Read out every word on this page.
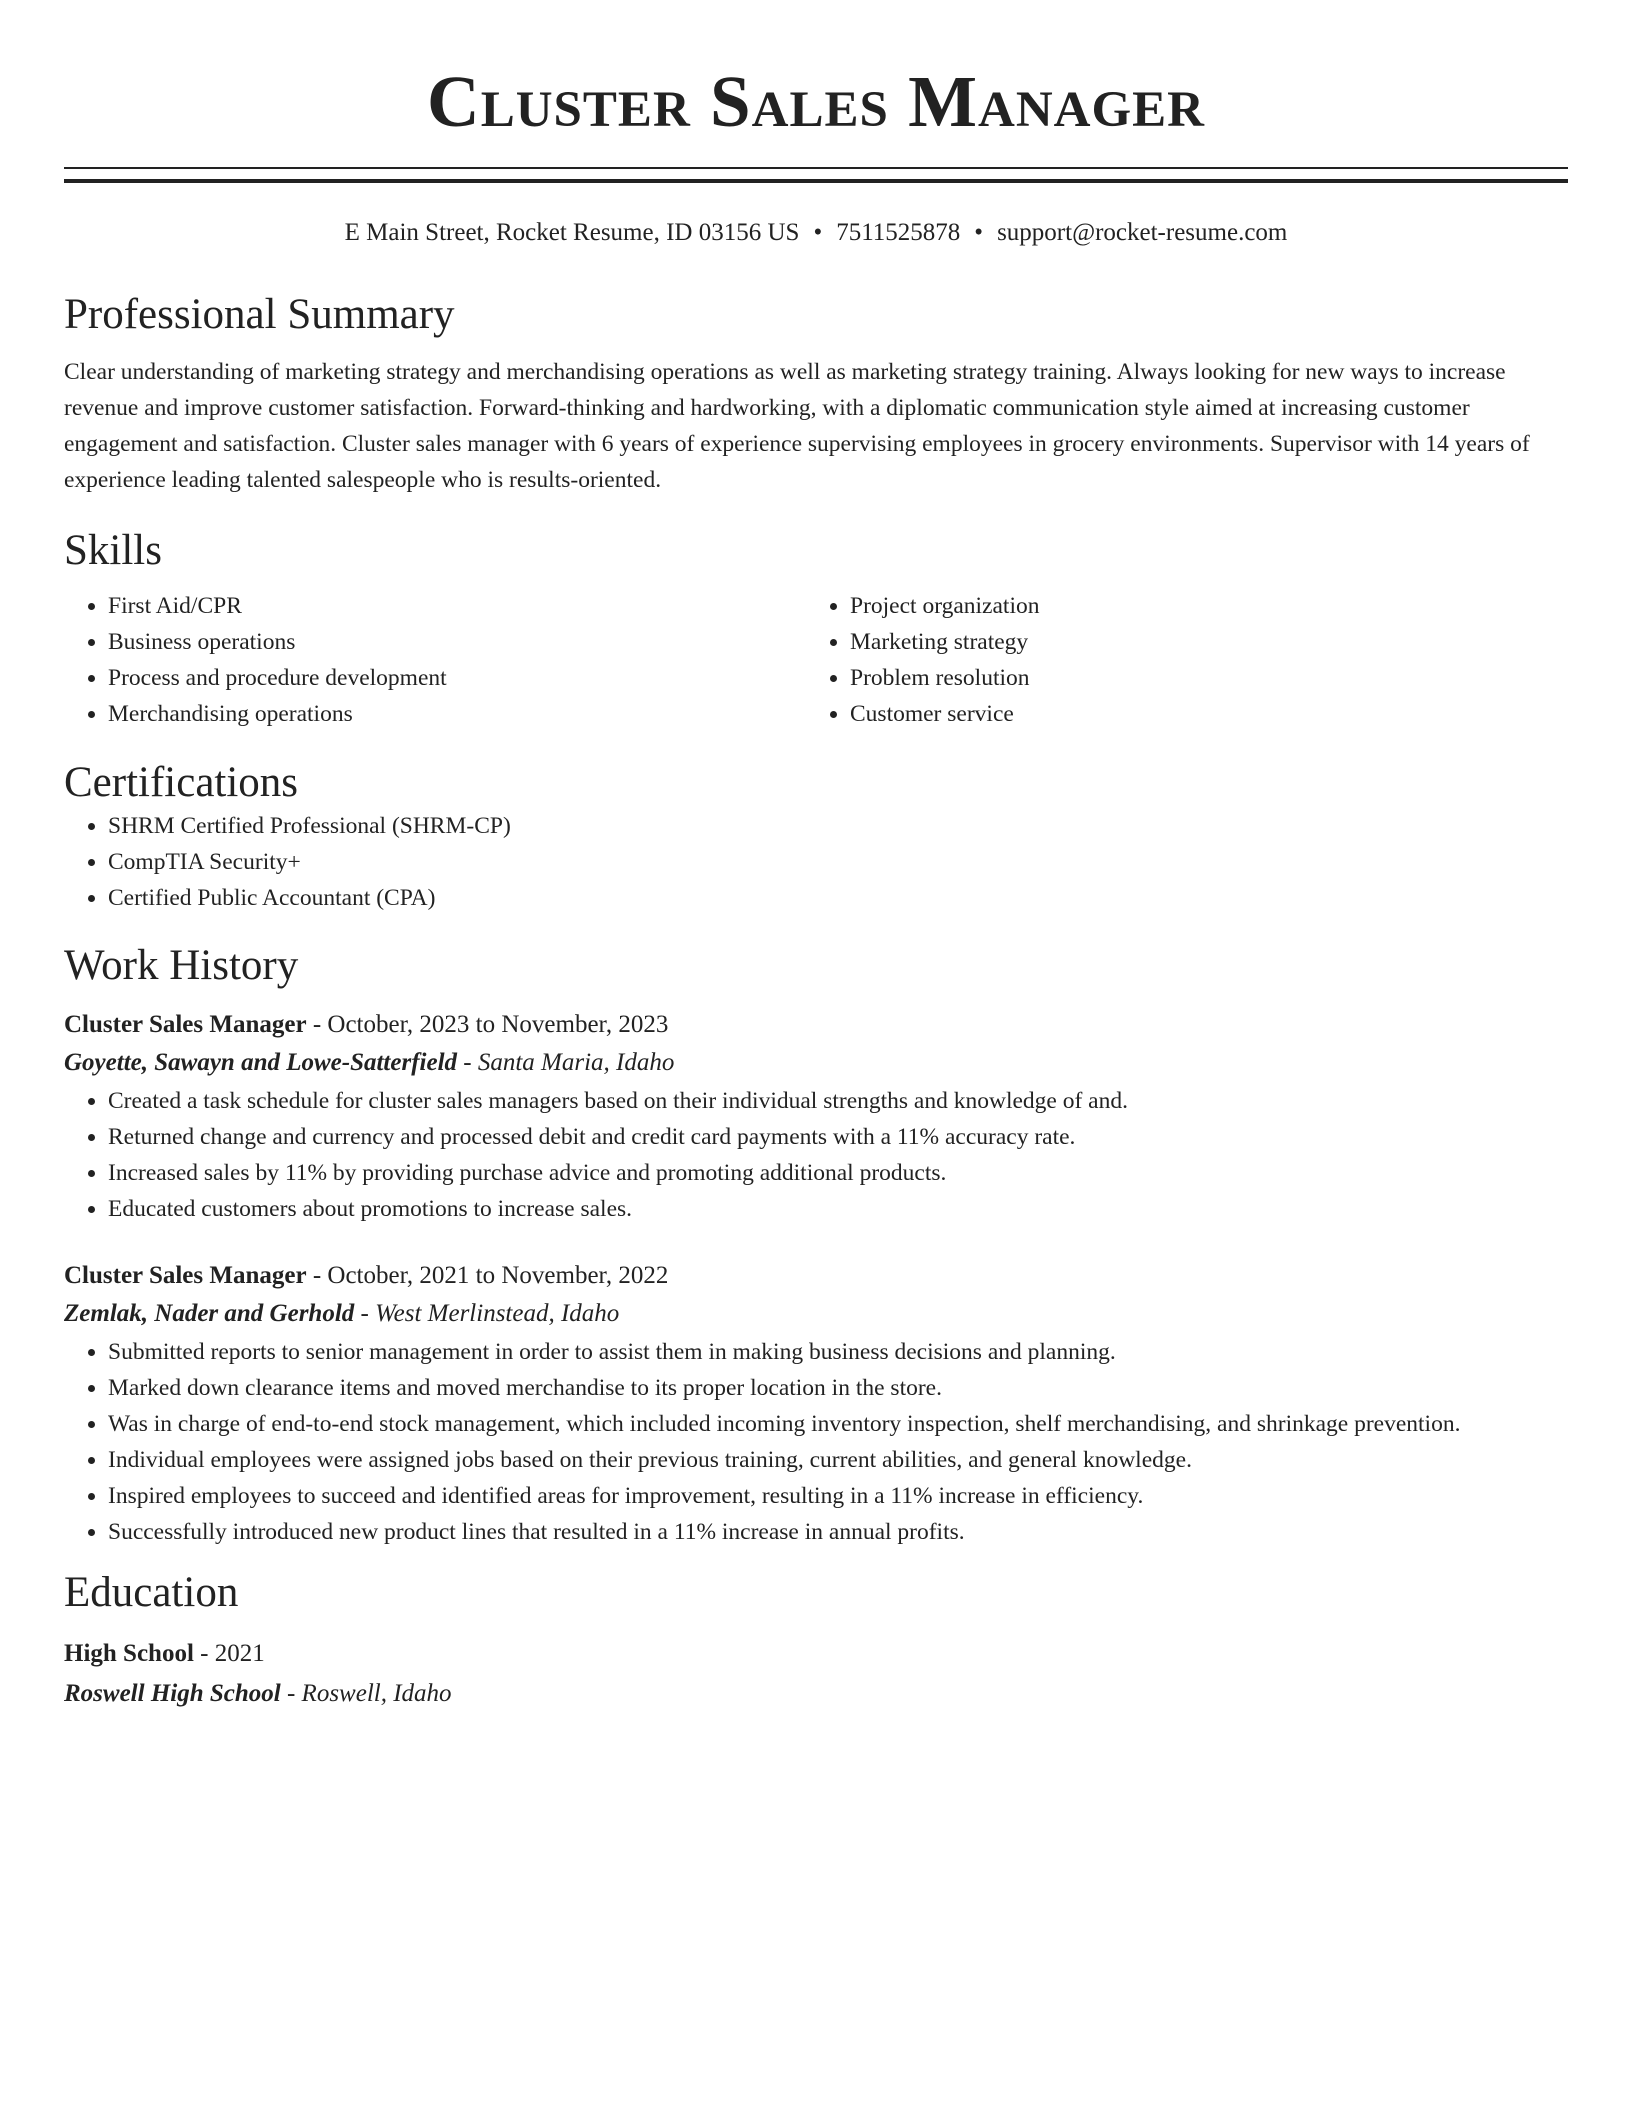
Cluster Sales Manager
E Main Street, Rocket Resume, ID 03156 US • 7511525878 • support@rocket-resume.com
Professional Summary

Clear understanding of marketing strategy and merchandising operations as well as marketing strategy training. Always looking for new ways to increase revenue and improve customer satisfaction. Forward-thinking and hardworking, with a diplomatic communication style aimed at increasing customer engagement and satisfaction. Cluster sales manager with 6 years of experience supervising employees in grocery environments. Supervisor with 14 years of experience leading talented salespeople who is results-oriented.

Skills
• First Aid/CPR
• Business operations
• Process and procedure development
• Merchandising operations
• Project organization
• Marketing strategy
• Problem resolution
• Customer service
Certifications
• SHRM Certified Professional (SHRM-CP)
• CompTIA Security+
• Certified Public Accountant (CPA)
Work History
Cluster Sales Manager - October, 2023 to November, 2023
Goyette, Sawayn and Lowe-Satterfield - Santa Maria, Idaho
• Created a task schedule for cluster sales managers based on their individual strengths and knowledge of and.
• Returned change and currency and processed debit and credit card payments with a 11% accuracy rate.
• Increased sales by 11% by providing purchase advice and promoting additional products.
• Educated customers about promotions to increase sales.
Cluster Sales Manager - October, 2021 to November, 2022
Zemlak, Nader and Gerhold - West Merlinstead, Idaho
• Submitted reports to senior management in order to assist them in making business decisions and planning.
• Marked down clearance items and moved merchandise to its proper location in the store.
• Was in charge of end-to-end stock management, which included incoming inventory inspection, shelf merchandising, and shrinkage prevention.
• Individual employees were assigned jobs based on their previous training, current abilities, and general knowledge.
• Inspired employees to succeed and identified areas for improvement, resulting in a 11% increase in efficiency.
• Successfully introduced new product lines that resulted in a 11% increase in annual profits.
Education
High School - 2021
Roswell High School - Roswell, Idaho
